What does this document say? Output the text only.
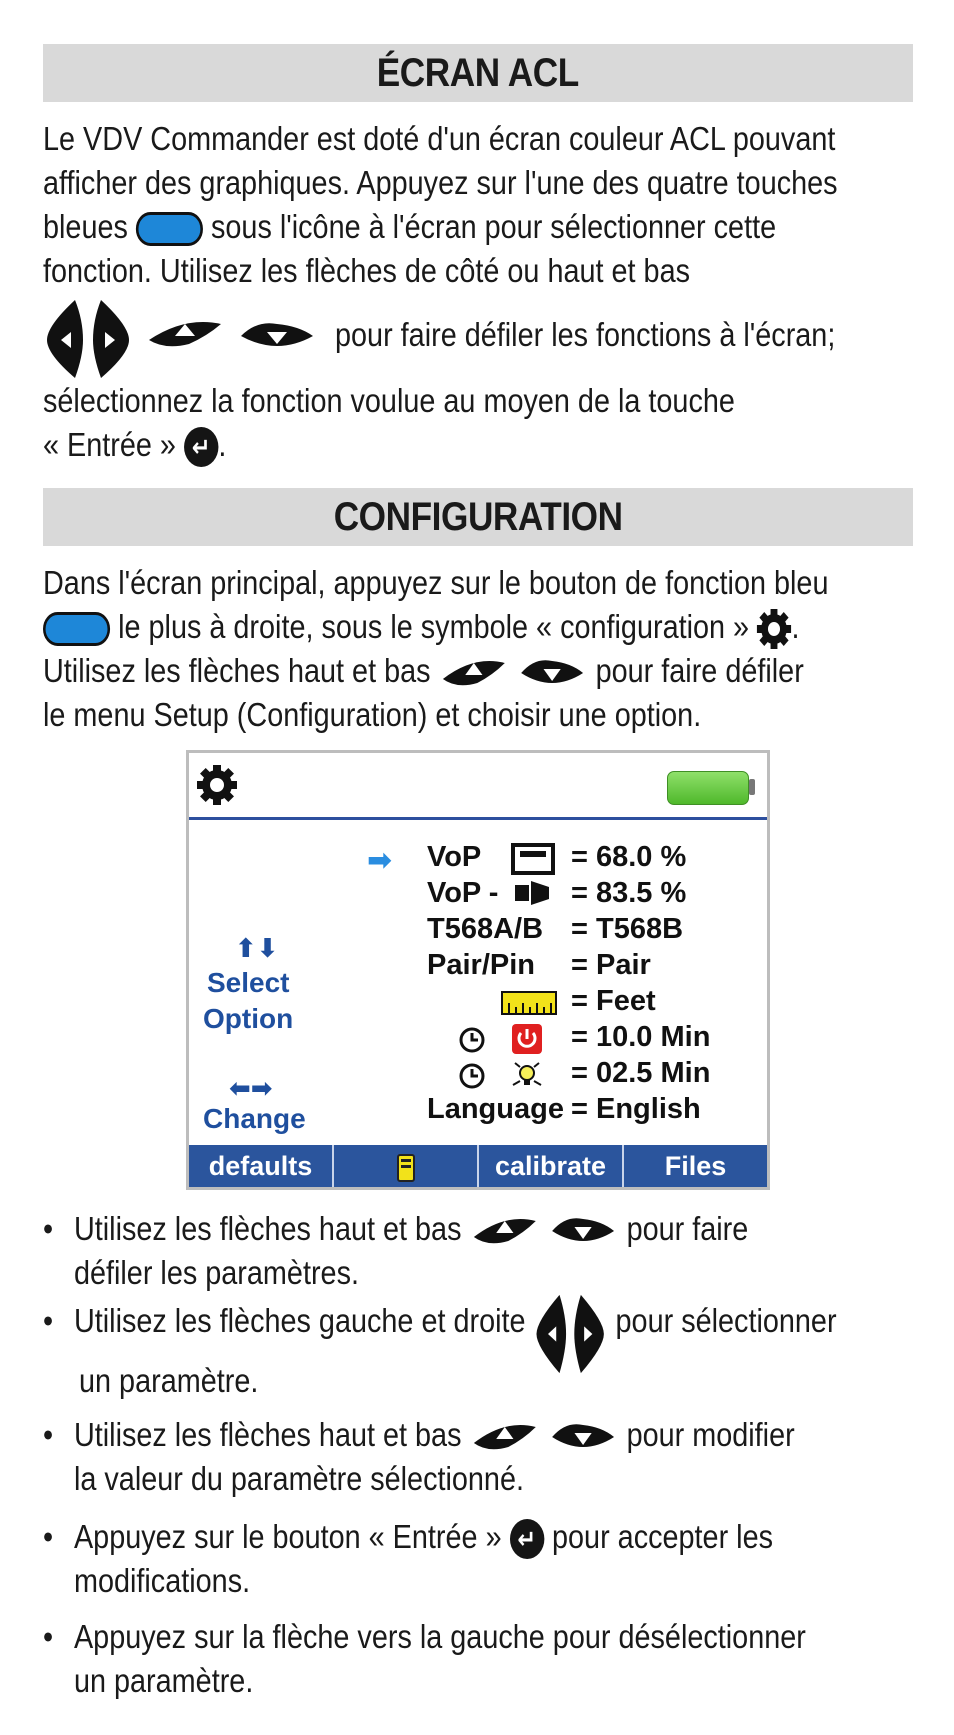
ÉCRAN ACL
Le VDV Commander est doté d'un écran couleur ACL pouvant
afficher des graphiques. Appuyez sur l'une des quatre touches
bleues sous l'icône à l'écran pour sélectionner cette
fonction. Utilisez les flèches de côté ou haut et bas
pour faire défiler les fonctions à l'écran;
sélectionnez la fonction voulue au moyen de la touche
« Entrée » ↵ .
CONFIGURATION
Dans l'écran principal, appuyez sur le bouton de fonction bleu
le plus à droite, sous le symbole « configuration » .
Utilisez les flèches haut et bas	pour faire défiler
le menu Setup (Configuration) et choisir une option.
⬆⬇
Select
Option
⬅➡
Change
➡ VoP	= 68.0 %
VoP -	= 83.5 %
T568A/B = T568B
Pair/Pin = Pair
= Feet
= 10.0 Min
= 02.5 Min
Language = English
defaults	calibrate	Files
• Utilisez les flèches haut et bas	pour faire
défiler les paramètres.
• Utilisez les flèches gauche et droite	pour sélectionner
un paramètre.
• Utilisez les flèches haut et bas	pour modifier
la valeur du paramètre sélectionné.
• Appuyez sur le bouton « Entrée » ↵ pour accepter les
modifications.
• Appuyez sur la flèche vers la gauche pour désélectionner
un paramètre.
